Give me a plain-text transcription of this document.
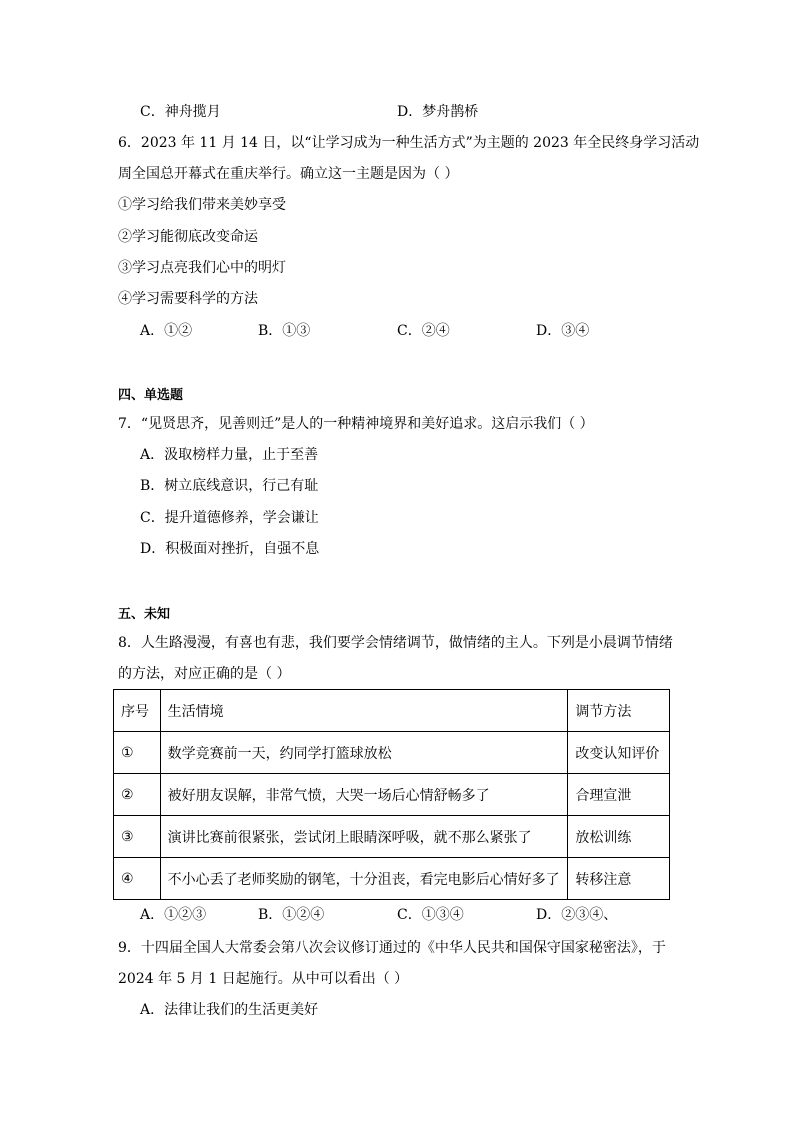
C．神舟揽月	D．梦舟鹊桥
6．2023 年 11 月 14 日，以“让学习成为一种生活方式”为主题的 2023 年全民终身学习活动
周全国总开幕式在重庆举行。确立这一主题是因为（ ）
①学习给我们带来美妙享受
②学习能彻底改变命运
③学习点亮我们心中的明灯
④学习需要科学的方法
A．①②	B．①③	C．②④	D．③④
四、单选题
7．“见贤思齐，见善则迁”是人的一种精神境界和美好追求。这启示我们（ ）
A．汲取榜样力量，止于至善
B．树立底线意识，行己有耻
C．提升道德修养，学会谦让
D．积极面对挫折，自强不息
五、未知
8．人生路漫漫，有喜也有悲，我们要学会情绪调节，做情绪的主人。下列是小晨调节情绪
的方法，对应正确的是（ ）
序号	生活情境	调节方法
①	数学竞赛前一天，约同学打篮球放松	改变认知评价
②	被好朋友误解，非常气愤，大哭一场后心情舒畅多了	合理宣泄
③	演讲比赛前很紧张，尝试闭上眼睛深呼吸，就不那么紧张了	放松训练
④	不小心丢了老师奖励的钢笔，十分沮丧，看完电影后心情好多了	转移注意
A．①②③	B．①②④	C．①③④	D．②③④、
9．十四届全国人大常委会第八次会议修订通过的《中华人民共和国保守国家秘密法》，于
2024 年 5 月 1 日起施行。从中可以看出（ ）
A．法律让我们的生活更美好
